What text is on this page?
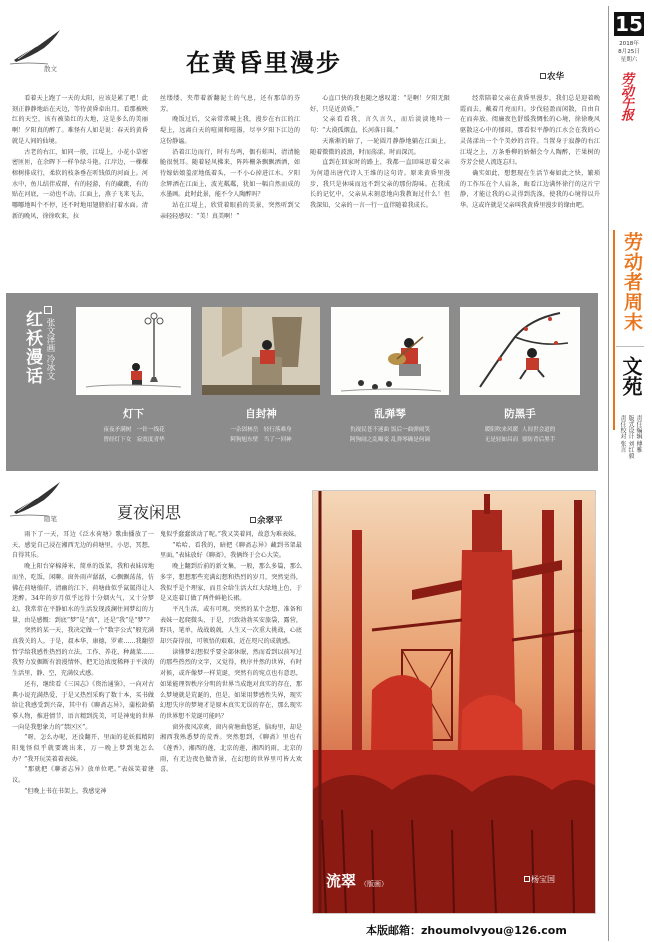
15
2018年
8月25日
星期六
劳动午报
劳动者周末
文苑
责任编辑 傅雅
版式设计 刘红毅
责任校对 张言
散文	在黄昏里漫步	农华

看着天上跑了一天的太阳，应该是累了吧！此刻正静静地站在天边，等待黄昏牵出月。看那被映红的天空，该有被染红的大地，这是多么的美丽啊！夕阳真的醉了。难怪有人如是说：春天的黄昏就是人间的仙境。

古老的右江，如同一般，江堤上，小花小草密密匝匝，在余晖下一样争绿斗艳。江岸边，一棵棵榕树排成行，柔软的枝条垂在听钱似的河面上。河水中，鱼儿结伴成群，有的轻游，有的藏跳，有的贴在河底，一动也不动。江面上，燕子飞来飞去，哪哪地叫个不停，还不时地用翅膀拍打着水面。清新的晚风，徐徐吹来，拉

丝缕缕，夹带着新翻泥土的气息，还有那草的芬芳。

晚饭过后，父亲常常喊上我，漫步在右江的江堤上，远离白天的喧闹和喧嚣，尽享夕阳下江边的这份静谧。

沿着江边而行，时有鸟鸣，偶有蛙叫，清清脆脆很悦耳。随着轻风拂来，阵阵栅条飘飘洒洒，如待嫁姑娘羞涩地低着头，一不小心掉进江水。夕阳余辉洒在江面上，波光粼粼，犹如一幅自然而成的水墨画。此时此景，能不令人陶醉吗？

站在江堤上，欣赏着眼前的美景，突然听到父亲轻轻感叹：“美！真美啊！”

心直口快的我也随之感叹道：“是啊！夕阳无限好，只是近黄昏。”

父亲看看我，言久言久，而后淡淡地吟一句：“大漠孤烟直，长河落日圆。”

天渐渐的暗了，一轮圆月静静地躺在江面上，随着微微的波浪，时而荡漾，时而深沉。

直到在回家时的路上，我都一直回味思着父亲为何道出唐代诗人王维的这句诗。原来黄昏里漫步，我只是休味而远不到父亲的那份韵味。在我成长的记忆中，父亲从未刻意地向我教诲过什么！但我深知，父亲的一言一行一直伴随着我成长。

经常陪着父亲在黄昏里漫步，我们总是迎着晚霞而去，戴着月亮而归。步伐轻盈而闲散，自由自在而奔放。阅廉夜色舒缓我惆怅的心境，徐徐晚风驱散这心中的郁闷，那看似平静的江水会在我的心灵荡漾出一个个美妙的音符。当置身于寂静的右江江堤之上，万条垂柳的娇媚会令人陶醉，芒果树的芬芳会使人流连忘归。

确实如此，想想现在生活节奏如此之快，繁琐的工作压在个人肩条，晦看江边满怀徐行的这片宁静，才能让我的心灵得到洗涤，使我的心境得以升华。这或许就是父亲叫我黄昏里漫步的缘由吧。

红袄漫话 张文泽画 冷冰文
灯下	自封神	乱弹琴	防黑手
夜夜矛满树 一针一线花
曾经灯下女 寂寞度青华
一杂固林岳 轻行落难身
阿狗旭东壁 当了一回神
仇视民苍不迷曲 饭后一曲弹闹笑
阿狗闹之乱曝变 乱弹琴确是何调
暖阳吹来风暖 人间世会道的
无是轻如昌而 要防背后黑手
随笔	夏夜闲思	余翠平

雨下了一天，耳边《泛水荷塘》歌曲播放了一天，感觉自己浸在湘西无边的荷塘里，小思，冥想，自得其乐。

晚上阳台穿棉薄米，简单的饭菜，我和表妹席地而坐，吃饭，闲聊。窗外雨声潺潺，心飘飘荡荡，仿佛在荷塘徜徉，清幽的江下，荷塘曲似乎氤氲得让人迷醉。34年的岁月似乎远得十分烟火气，又十分梦幻。我常常在平静如水的生活发现波澜住间梦幻的力量，由是感慨：到底“梦”是“真”，还是“我”是“梦”？

突然的某一天，我决定做一个“数字公式”般充满真我关的人。于是，叔本华，康德，罗素……我翻望哲学给我感性热烈的立法。工作、养花、种蔬菜……我努力发掘断有浪漫情怀，把无边浓度稀释于平淡的生活里，静、空，充满仪式感。

还有，继续看《三国志》《资治通鉴》，一向对古典小说充满热爱，于是又热烈采购了数十本，买书做给让我感受到兴奋，其中有《聊斋志异》，蒲松龄描摹人物，推进情节，语言精到洗美，可是神鬼的世界一向是我想象力的“禁区区”。

“呀，怎么办呢，还没翻开，里面的花妖狐精阴阳鬼怪似乎就要跳出来，万一晚上梦到鬼怎么办？”我开玩笑着着表妹。

“那就把《聊斋志异》放单位吧。”表妹笑着建议。

“但晚上书在书架上，我感觉神

鬼似乎蠢蠢欲动了呢。”我又笑着问，故意为难表妹。

“哈哈，看我的，暗把《聊斋志异》藏到书架最里面。”表妹放好《聊斋》，我俩终于会心大笑。

晚上翻到后前的新文集，一般，那么多篇，那么多字，想想那些充满幻想和热烈的岁月，突然觉得，我似乎是个理家，而且全给生活大红大绿地上色，于是又连着订做了两件鲜艳长裙。

平凡生活，或有可观。突然的某个念想，准备和表妹一起爬微头，于是，兴致勃勃买安旅袋，露营，野具，笔单，战战兢兢，人生又一次重大挑战，心底却兴奋得很，可领悟的艰难，近在咫尺的成就感。

读懂梦幻想似乎要全部休眠，然而看到以前写过的那些热烈的文字，又觉得，秩序井然的世界，有时对候，或许像梦一样荒诞，突然有的宛点也有意思，如果能理智秩序分明的世界当成绝对真实的存在，那么梦境就是荒诞的，但是，如果用梦感性失界，现实幻想失序的梦境才是原本真实无误的存在，那么现实的世界想不荒诞可能吗？

窗外夜风凉爽，窗内荷塘曲悠延，脑海里，却是湘西我熟悉梦的荒香。突然想到，《聊斋》里也有《莲香》，湘西的莲，北京的莲，湘西的雨，北京的雨，有无边夜色做背景，在幻想的世界里可皆大欢喜。

流翠 （版画）	杨宝国
本版邮箱：zhoumolvyou@126.com
